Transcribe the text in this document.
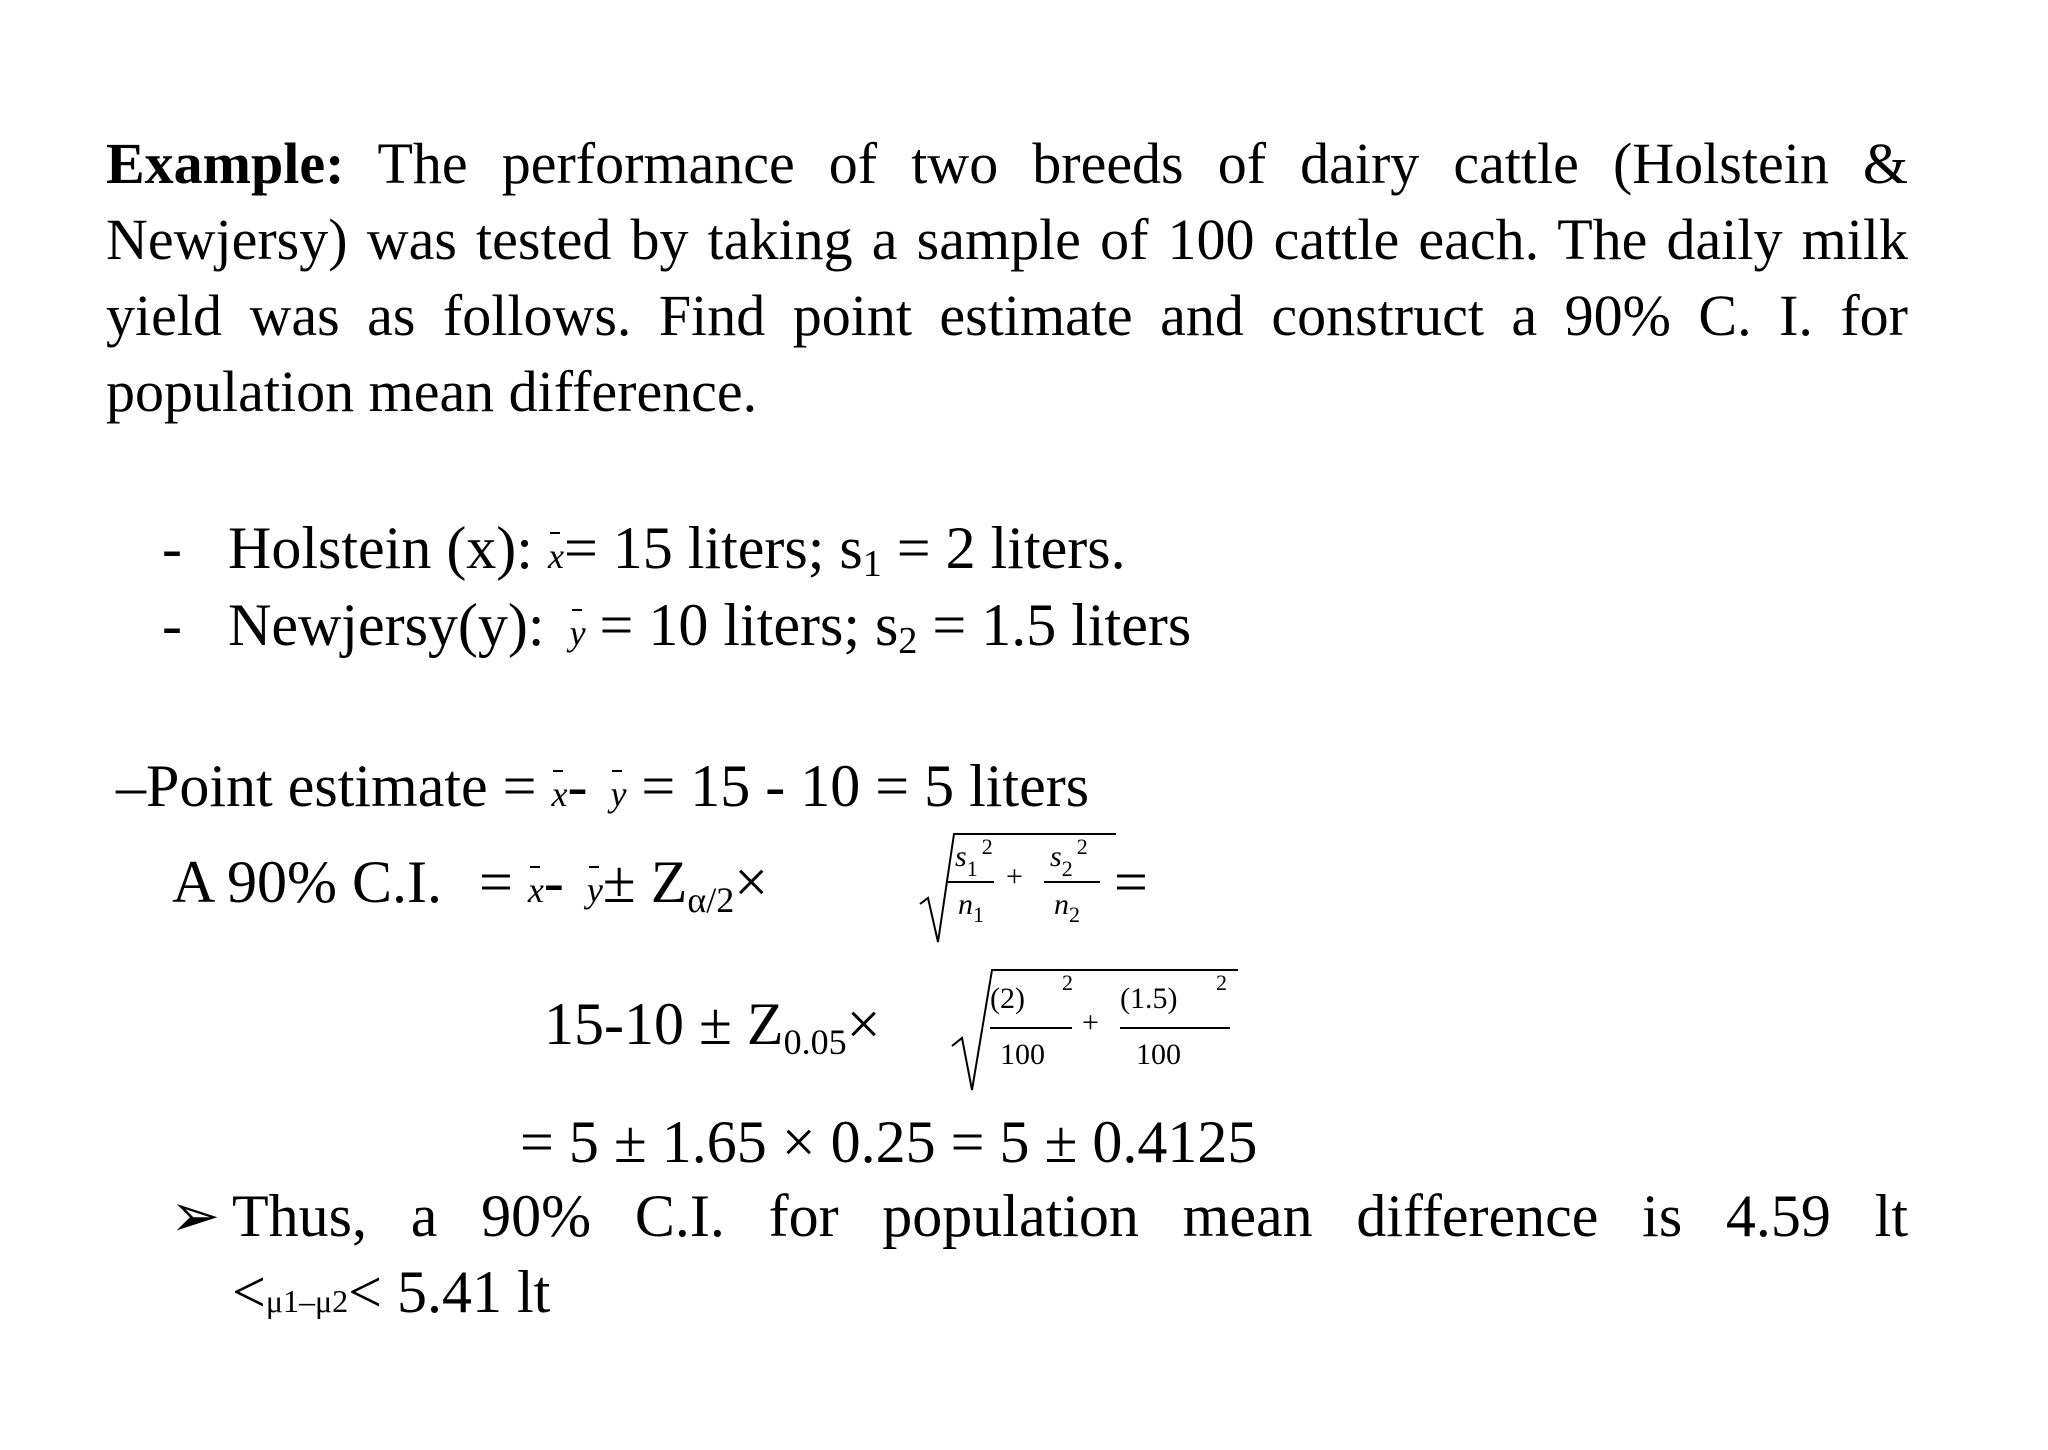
Example: The performance of two breeds of dairy cattle (Holstein & Newjersy) was tested by taking a sample of 100 cattle each. The daily milk yield was as follows. Find point estimate and construct a 90% C. I. for population mean difference.
- Holstein (x): x= 15 liters; $s_1 = 2$ liters.
- Newjersy(y): y = 10 liters; $s_2 = 1.5$ liters
–Point estimate = x- y = 15 - 10 = 5 liters
A 90% C.I. = x- y± Zα/2×	s12
n1
+
s22
n2 =
15-10 ± Z0.05×	(2) 2
100
+
(1.5) 2
100
= 5 ± 1.65 × 0.25 = 5 ± 0.4125
➢ Thus, a 90% C.I. for population mean difference is 4.59 lt
<μ1–μ2< 5.41 lt
